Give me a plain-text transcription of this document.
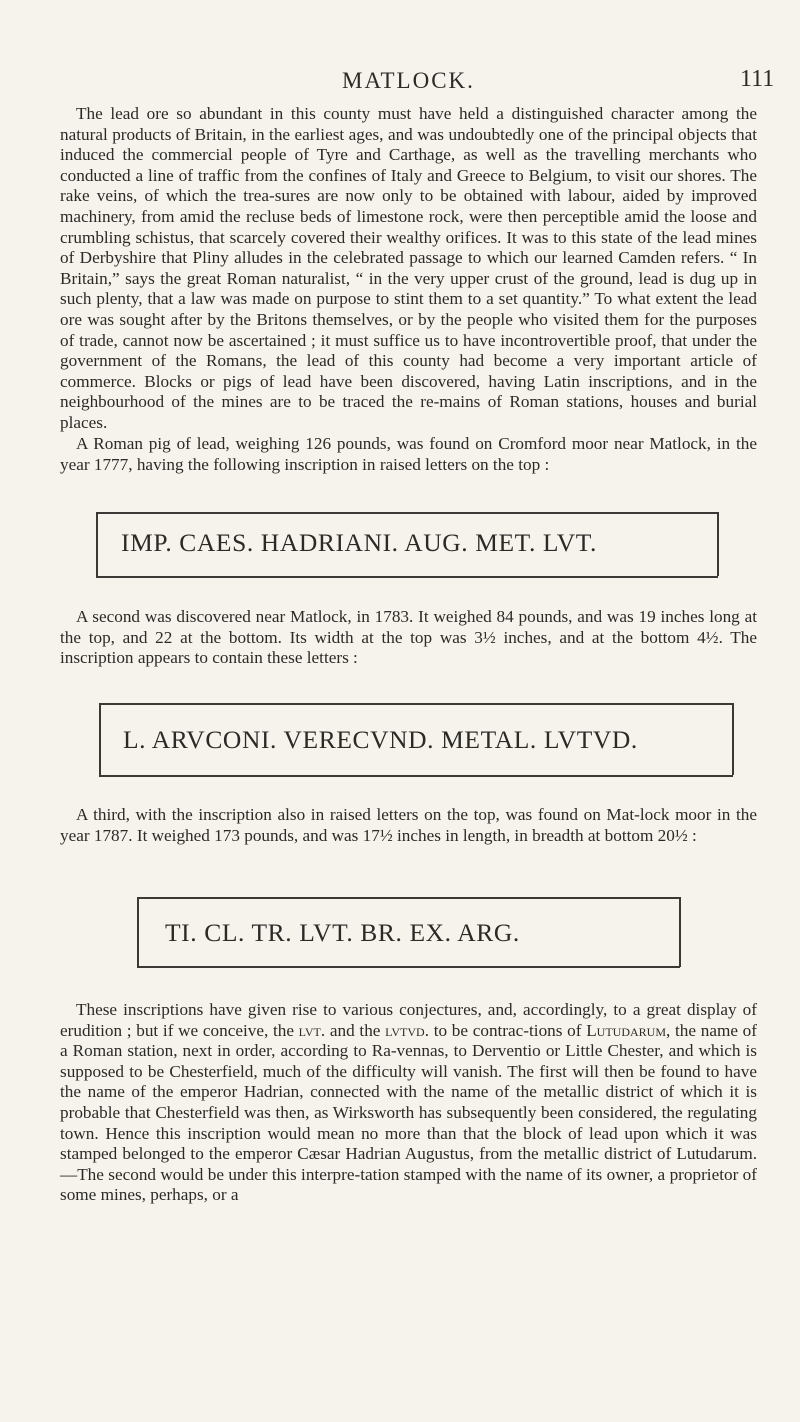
MATLOCK.	111

The lead ore so abundant in this county must have held a distinguished character among the natural products of Britain, in the earliest ages, and was undoubtedly one of the principal objects that induced the commercial people of Tyre and Carthage, as well as the travelling merchants who conducted a line of traffic from the confines of Italy and Greece to Belgium, to visit our shores. The rake veins, of which the trea-sures are now only to be obtained with labour, aided by improved machinery, from amid the recluse beds of limestone rock, were then perceptible amid the loose and crumbling schistus, that scarcely covered their wealthy orifices. It was to this state of the lead mines of Derbyshire that Pliny alludes in the celebrated passage to which our learned Camden refers. “ In Britain,” says the great Roman naturalist, “ in the very upper crust of the ground, lead is dug up in such plenty, that a law was made on purpose to stint them to a set quantity.” To what extent the lead ore was sought after by the Britons themselves, or by the people who visited them for the purposes of trade, cannot now be ascertained ; it must suffice us to have incontrovertible proof, that under the government of the Romans, the lead of this county had become a very important article of commerce. Blocks or pigs of lead have been discovered, having Latin inscriptions, and in the neighbourhood of the mines are to be traced the re-mains of Roman stations, houses and burial places.

A Roman pig of lead, weighing 126 pounds, was found on Cromford moor near Matlock, in the year 1777, having the following inscription in raised letters on the top :

IMP. CAES. HADRIANI. AUG. MET. LVT.

A second was discovered near Matlock, in 1783. It weighed 84 pounds, and was 19 inches long at the top, and 22 at the bottom. Its width at the top was 3½ inches, and at the bottom 4½. The inscription appears to contain these letters :

L. ARVCONI. VERECVND. METAL. LVTVD.

A third, with the inscription also in raised letters on the top, was found on Mat-lock moor in the year 1787. It weighed 173 pounds, and was 17½ inches in length, in breadth at bottom 20½ :

TI. CL. TR. LVT. BR. EX. ARG.

These inscriptions have given rise to various conjectures, and, accordingly, to a great display of erudition ; but if we conceive, the lvt. and the lvtvd. to be contrac-tions of Lutudarum, the name of a Roman station, next in order, according to Ra-vennas, to Derventio or Little Chester, and which is supposed to be Chesterfield, much of the difficulty will vanish. The first will then be found to have the name of the emperor Hadrian, connected with the name of the metallic district of which it is probable that Chesterfield was then, as Wirksworth has subsequently been considered, the regulating town. Hence this inscription would mean no more than that the block of lead upon which it was stamped belonged to the emperor Cæsar Hadrian Augustus, from the metallic district of Lutudarum.—The second would be under this interpre-tation stamped with the name of its owner, a proprietor of some mines, perhaps, or a
